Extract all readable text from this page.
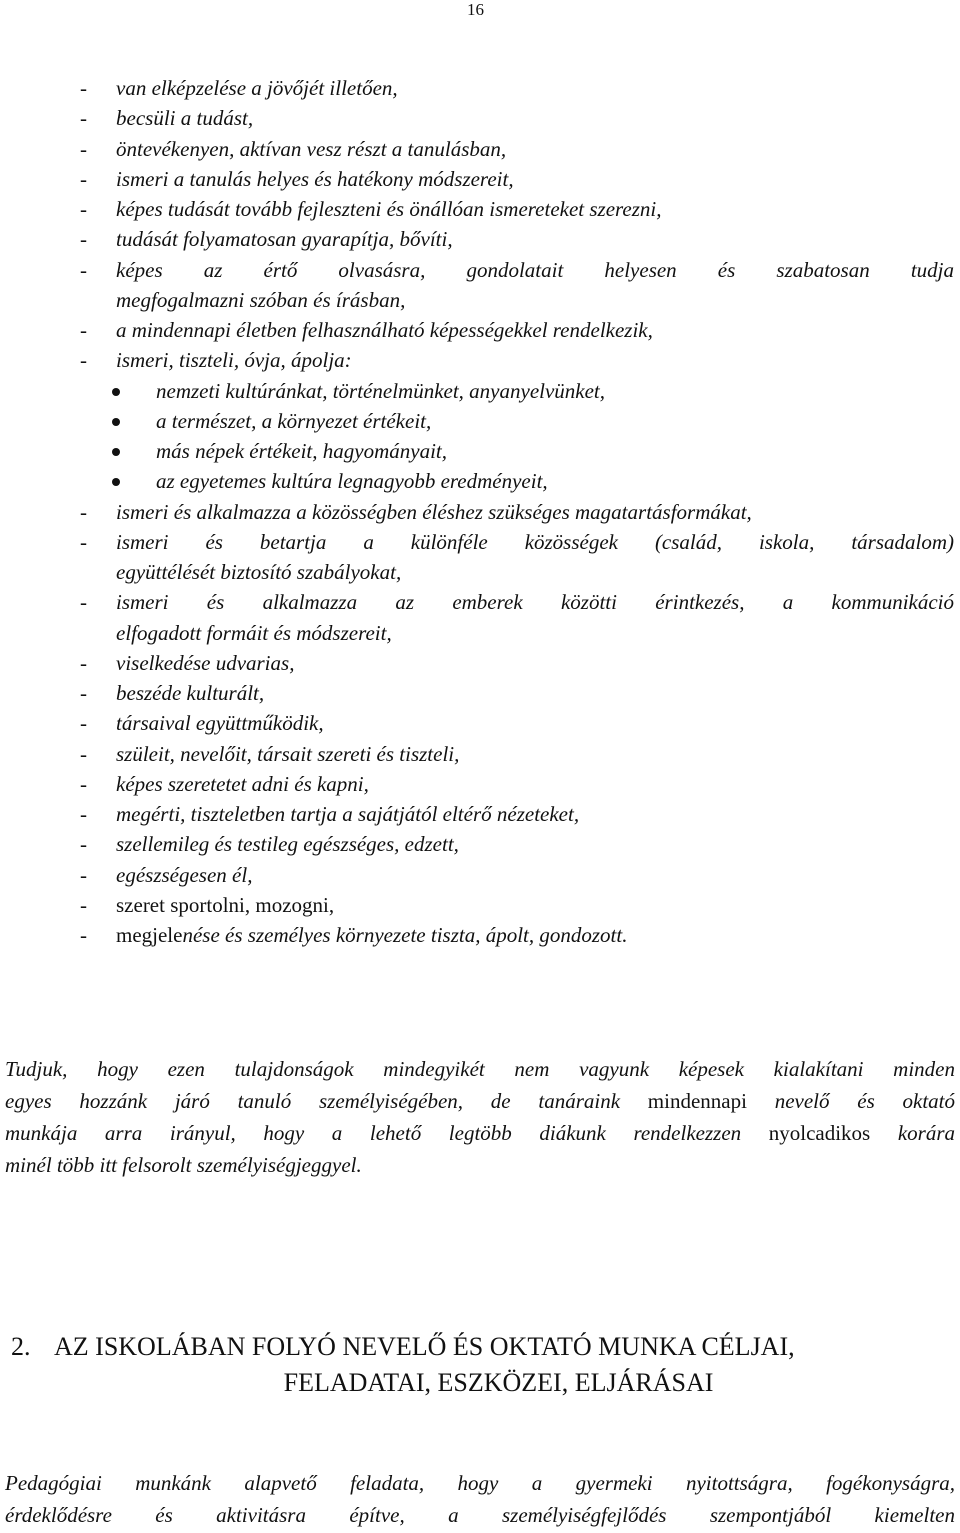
16
- van elképzelése a jövőjét illetően,
- becsüli a tudást,
- öntevékenyen, aktívan vesz részt a tanulásban,
- ismeri a tanulás helyes és hatékony módszereit,
- képes tudását tovább fejleszteni és önállóan ismereteket szerezni,
- tudását folyamatosan gyarapítja, bővíti,
- képes az értő olvasásra, gondolatait helyesen és szabatosan tudja
megfogalmazni szóban és írásban,
- a mindennapi életben felhasználható képességekkel rendelkezik,
- ismeri, tiszteli, óvja, ápolja:
nemzeti kultúránkat, történelmünket, anyanyelvünket,
a természet, a környezet értékeit,
más népek értékeit, hagyományait,
az egyetemes kultúra legnagyobb eredményeit,
- ismeri és alkalmazza a közösségben éléshez szükséges magatartásformákat,
- ismeri és betartja a különféle közösségek (család, iskola, társadalom)
együttélését biztosító szabályokat,
- ismeri és alkalmazza az emberek közötti érintkezés, a kommunikáció
elfogadott formáit és módszereit,
- viselkedése udvarias,
- beszéde kulturált,
- társaival együttműködik,
- szüleit, nevelőit, társait szereti és tiszteli,
- képes szeretetet adni és kapni,
- megérti, tiszteletben tartja a sajátjától eltérő nézeteket,
- szellemileg és testileg egészséges, edzett,
- egészségesen él,
- szeret sportolni, mozogni,
- megjelenése és személyes környezete tiszta, ápolt, gondozott.
Tudjuk, hogy ezen tulajdonságok mindegyikét nem vagyunk képesek kialakítani minden
egyes hozzánk járó tanuló személyiségében, de tanáraink mindennapi nevelő és oktató
munkája arra irányul, hogy a lehető legtöbb diákunk rendelkezzen nyolcadikos korára
minél több itt felsorolt személyiségjeggyel.
2. AZ ISKOLÁBAN FOLYÓ NEVELŐ ÉS OKTATÓ MUNKA CÉLJAI,
FELADATAI, ESZKÖZEI, ELJÁRÁSAI
Pedagógiai munkánk alapvető feladata, hogy a gyermeki nyitottságra, fogékonyságra,
érdeklődésre és aktivitásra építve, a személyiségfejlődés szempontjából kiemelten
